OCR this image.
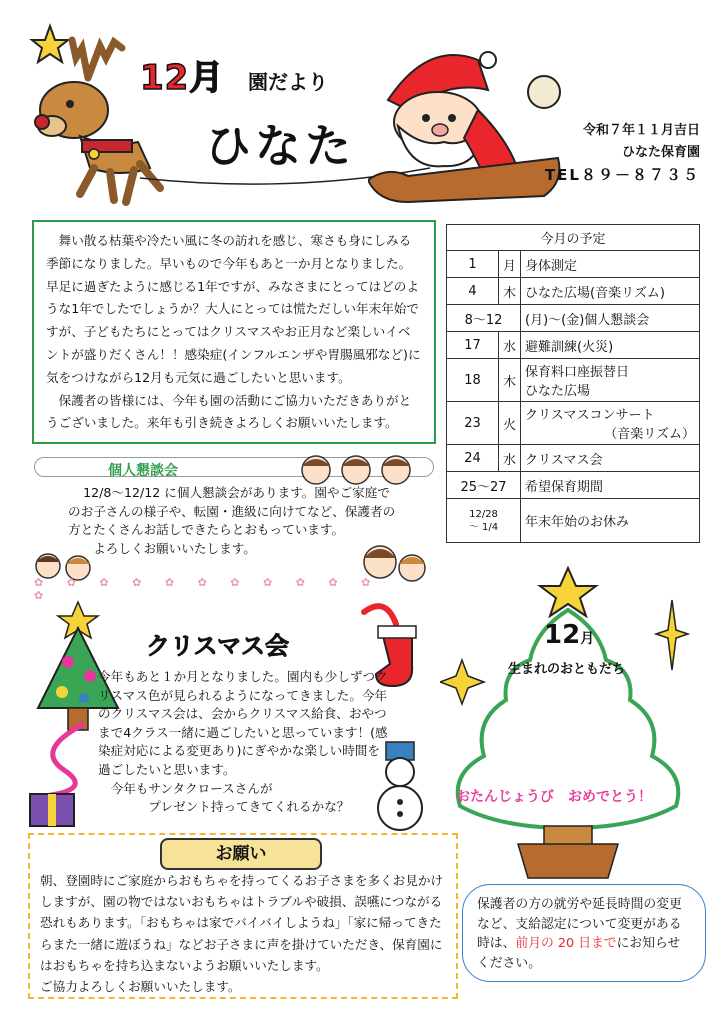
12月 園だより
ひなた	令和７年１１月吉日
ひなた保育園
TEL８９－８７３５

舞い散る枯葉や冷たい風に冬の訪れを感じ、寒さも身にしみる季節になりました。早いもので今年もあと一か月となりました。早足に過ぎたように感じる1年ですが、みなさまにとってはどのような1年でしたでしょうか？大人にとっては慌ただしい年末年始ですが、子どもたちにとってはクリスマスやお正月など楽しいイベントが盛りだくさん！！感染症(インフルエンザや胃腸風邪など)に気をつけながら12月も元気に過ごしたいと思います。

保護者の皆様には、今年も園の活動にご協力いただきありがとうございました。来年も引き続きよろしくお願いいたします。

今月の予定		
1	月	身体測定
4	木	ひなた広場(音楽リズム)
8～12		(月)～(金)個人懇談会
17	水	避難訓練(火災)
18	木	保育料口座振替日
ひなた広場

23	火	クリスマスコンサート
（音楽リズム）

24	水	クリスマス会
25～27		希望保育期間

12/28
～ 1/4		年末年始のお休み
個人懇談会

12/8～12/12 に個人懇談会があります。園やご家庭でのお子さんの様子や、転園・進級に向けてなど、保護者の方とたくさんお話しできたらとおもっています。

よろしくお願いいたします。

✿ ✿ ✿ ✿ ✿ ✿ ✿ ✿ ✿ ✿ ✿ ✿
クリスマス会
今年もあと１か月となりました。園内も少しずつクリスマス色が見られるようになってきました。今年のクリスマス会は、会からクリスマス給食、おやつまで4クラス一緒に過ごしたいと思っています！(感染症対応による変更あり)にぎやかな楽しい時間を過ごしたいと思います。
今年もサンタクロースさんが
プレゼント持ってきてくれるかな？
お願い
朝、登園時にご家庭からおもちゃを持ってくるお子さまを多くお見かけしますが、園の物ではないおもちゃはトラブルや破損、誤嚥につながる恐れもあります。「おもちゃは家でバイバイしようね」「家に帰ってきたらまた一緒に遊ぼうね」などお子さまに声を掛けていただき、保育園にはおもちゃを持ち込まないようお願いいたします。
ご協力よろしくお願いいたします。
12月
生まれのおともだち
おたんじょうび　おめでとう！
保護者の方の就労や延長時間の変更など、支給認定について変更がある時は、前月の 20 日までにお知らせください。
